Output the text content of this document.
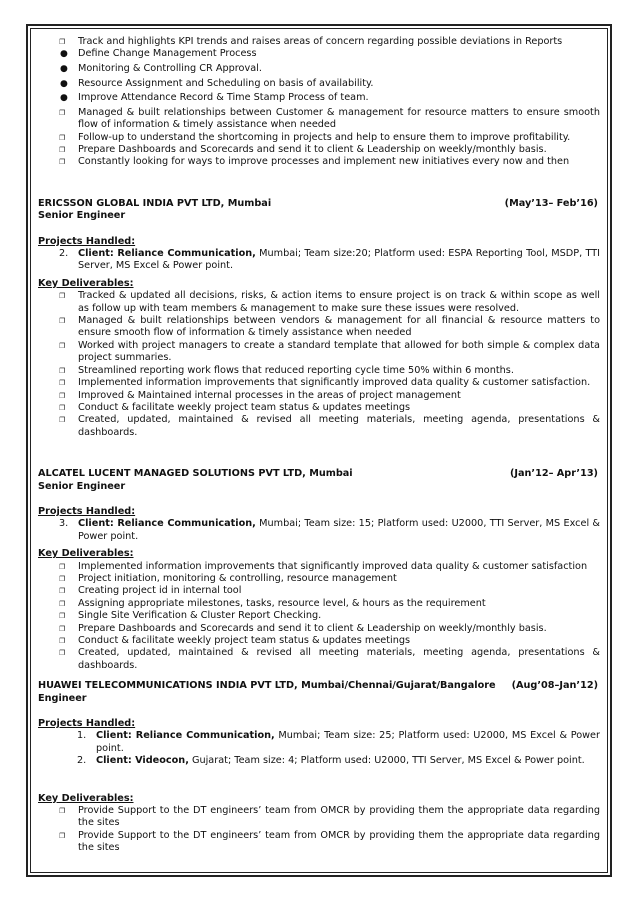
❐ Track and highlights KPI trends and raises areas of concern regarding possible deviations in Reports
● Define Change Management Process
● Monitoring & Controlling CR Approval.
● Resource Assignment and Scheduling on basis of availability.
● Improve Attendance Record & Time Stamp Process of team.
❐ Managed & built relationships between Customer & management for resource matters to ensure smooth flow of information & timely assistance when needed
❐ Follow-up to understand the shortcoming in projects and help to ensure them to improve profitability.
❐ Prepare Dashboards and Scorecards and send it to client & Leadership on weekly/monthly basis.
❐ Constantly looking for ways to improve processes and implement new initiatives every now and then
ERICSSON GLOBAL INDIA PVT LTD, Mumbai	(May’13– Feb’16)
Senior Engineer
Projects Handled:
2. Client: Reliance Communication, Mumbai; Team size:20; Platform used: ESPA Reporting Tool, MSDP, TTI Server, MS Excel & Power point.
Key Deliverables:
❐ Tracked & updated all decisions, risks, & action items to ensure project is on track & within scope as well as follow up with team members & management to make sure these issues were resolved.
❐ Managed & built relationships between vendors & management for all financial & resource matters to ensure smooth flow of information & timely assistance when needed
❐ Worked with project managers to create a standard template that allowed for both simple & complex data project summaries.
❐ Streamlined reporting work flows that reduced reporting cycle time 50% within 6 months.
❐ Implemented information improvements that significantly improved data quality & customer satisfaction.
❐ Improved & Maintained internal processes in the areas of project management
❐ Conduct & facilitate weekly project team status & updates meetings
❐ Created, updated, maintained & revised all meeting materials, meeting agenda, presentations & dashboards.
ALCATEL LUCENT MANAGED SOLUTIONS PVT LTD, Mumbai	(Jan’12– Apr’13)
Senior Engineer
Projects Handled:
3. Client: Reliance Communication, Mumbai; Team size: 15; Platform used: U2000, TTI Server, MS Excel & Power point.
Key Deliverables:
❐ Implemented information improvements that significantly improved data quality & customer satisfaction
❐ Project initiation, monitoring & controlling, resource management
❐ Creating project id in internal tool
❐ Assigning appropriate milestones, tasks, resource level, & hours as the requirement
❐ Single Site Verification & Cluster Report Checking.
❐ Prepare Dashboards and Scorecards and send it to client & Leadership on weekly/monthly basis.
❐ Conduct & facilitate weekly project team status & updates meetings
❐ Created, updated, maintained & revised all meeting materials, meeting agenda, presentations & dashboards.
HUAWEI TELECOMMUNICATIONS INDIA PVT LTD, Mumbai/Chennai/Gujarat/Bangalore (Aug’08–Jan’12)
Engineer
Projects Handled:
1. Client: Reliance Communication, Mumbai; Team size: 25; Platform used: U2000, MS Excel & Power point.
2. Client: Videocon, Gujarat; Team size: 4; Platform used: U2000, TTI Server, MS Excel & Power point.
Key Deliverables:
❐ Provide Support to the DT engineers’ team from OMCR by providing them the appropriate data regarding the sites
❐ Provide Support to the DT engineers’ team from OMCR by providing them the appropriate data regarding the sites
